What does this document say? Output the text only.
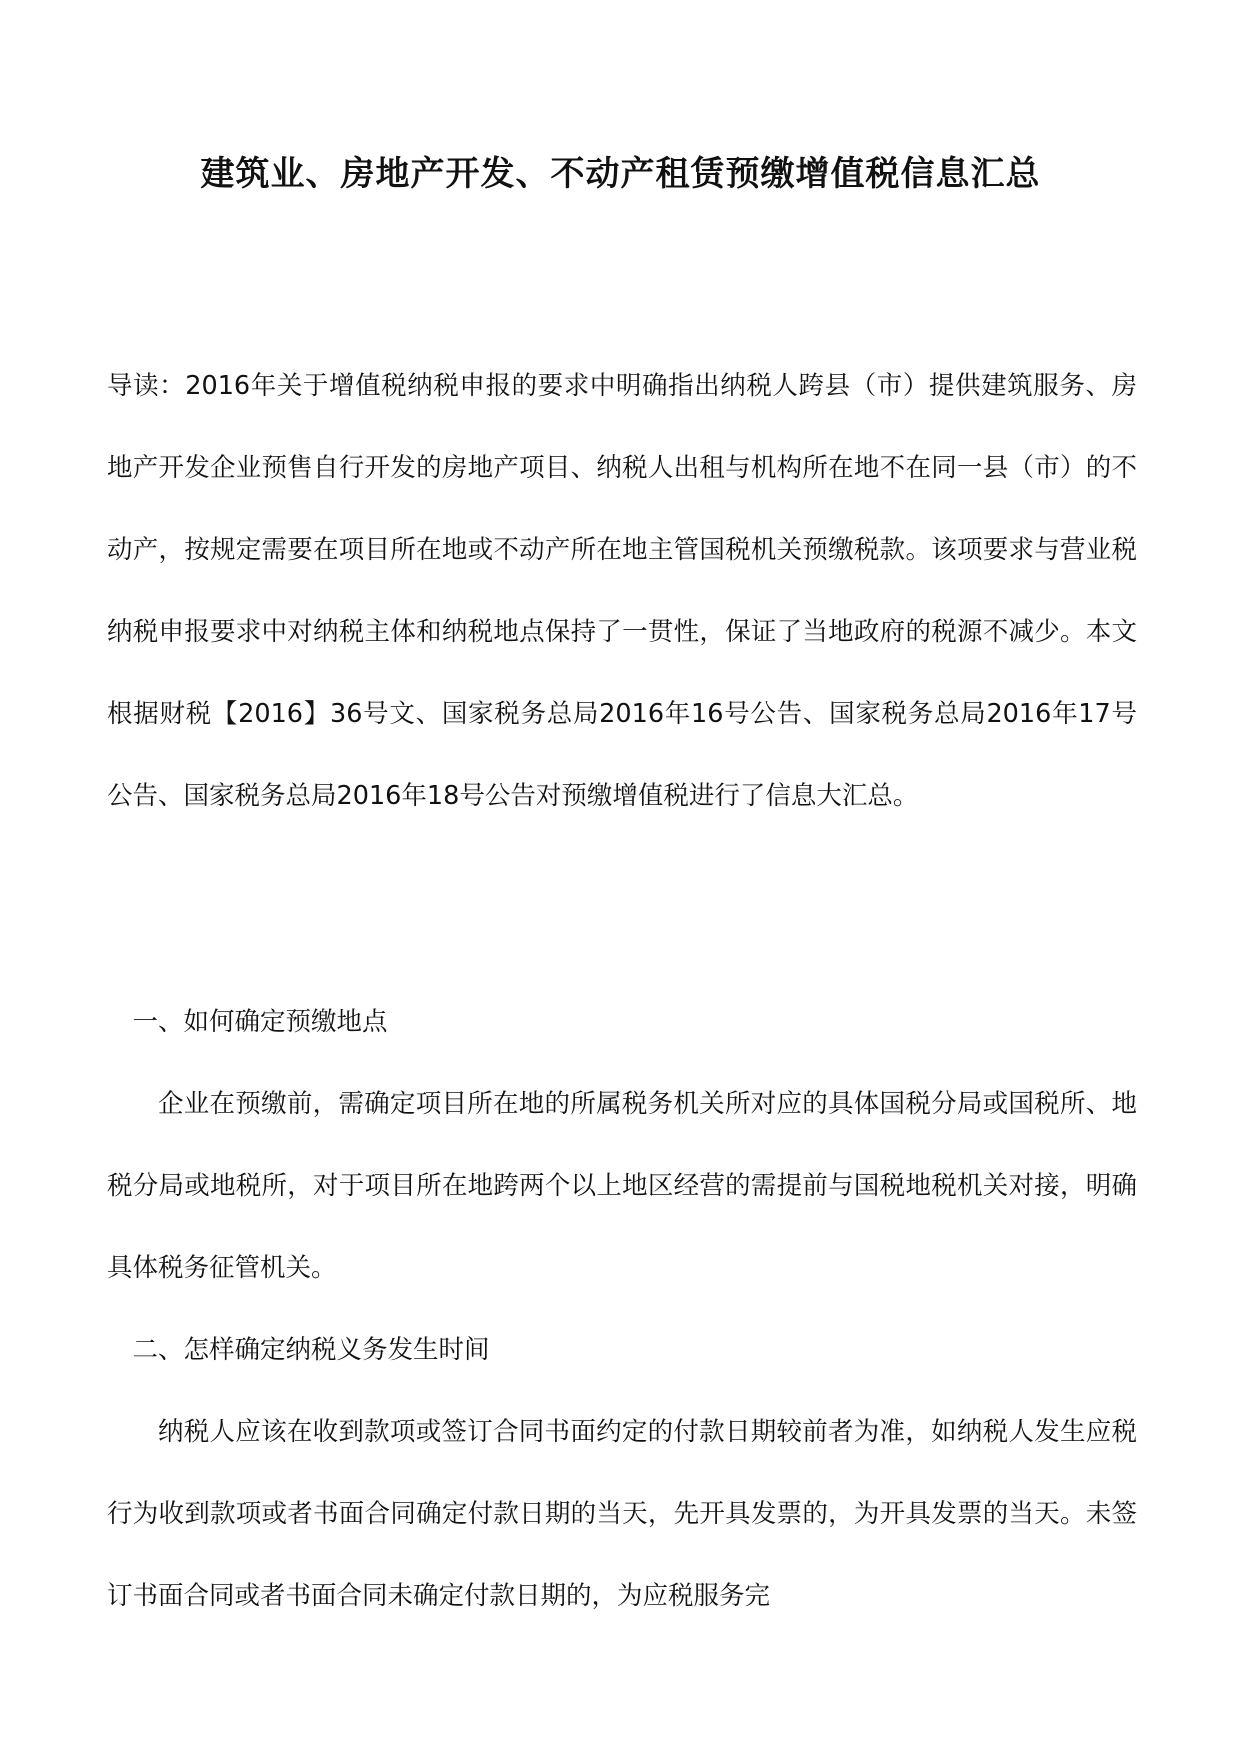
建筑业、房地产开发、不动产租赁预缴增值税信息汇总

导读：2016年关于增值税纳税申报的要求中明确指出纳税人跨县（市）提供建筑服务、房地产开发企业预售自行开发的房地产项目、纳税人出租与机构所在地不在同一县（市）的不动产，按规定需要在项目所在地或不动产所在地主管国税机关预缴税款。该项要求与营业税纳税申报要求中对纳税主体和纳税地点保持了一贯性，保证了当地政府的税源不减少。本文根据财税【2016】36号文、国家税务总局2016年16号公告、国家税务总局2016年17号公告、国家税务总局2016年18号公告对预缴增值税进行了信息大汇总。

一、如何确定预缴地点

企业在预缴前，需确定项目所在地的所属税务机关所对应的具体国税分局或国税所、地税分局或地税所，对于项目所在地跨两个以上地区经营的需提前与国税地税机关对接，明确具体税务征管机关。

二、怎样确定纳税义务发生时间

纳税人应该在收到款项或签订合同书面约定的付款日期较前者为准，如纳税人发生应税行为收到款项或者书面合同确定付款日期的当天，先开具发票的，为开具发票的当天。未签订书面合同或者书面合同未确定付款日期的，为应税服务完
